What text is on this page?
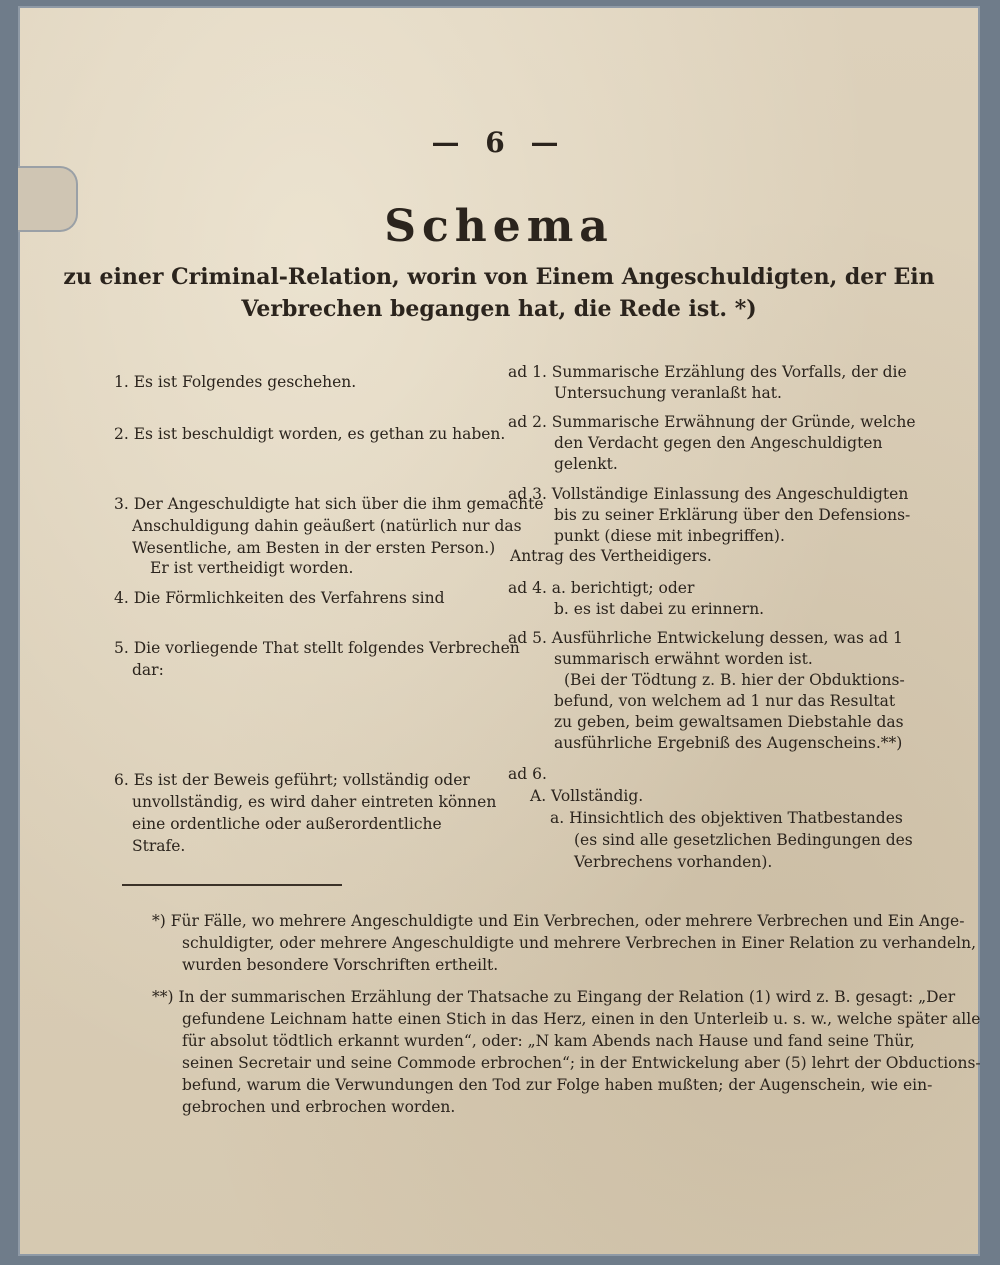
— 6 —
Schema
zu einer Criminal-Relation, worin von Einem Angeschuldigten, der Ein
Verbrechen begangen hat, die Rede ist. *)
1. Es ist Folgendes geschehen.
2. Es ist beschuldigt worden, es gethan zu haben.
3. Der Angeschuldigte hat sich über die ihm gemachte
Anschuldigung dahin geäußert (natürlich nur das
Wesentliche, am Besten in der ersten Person.)
Er ist vertheidigt worden.
4. Die Förmlichkeiten des Verfahrens sind
5. Die vorliegende That stellt folgendes Verbrechen
dar:
6. Es ist der Beweis geführt; vollständig oder
unvollständig, es wird daher eintreten können
eine ordentliche oder außerordentliche
Strafe.
ad 1. Summarische Erzählung des Vorfalls, der die
Untersuchung veranlaßt hat.
ad 2. Summarische Erwähnung der Gründe, welche
den Verdacht gegen den Angeschuldigten
gelenkt.
ad 3. Vollständige Einlassung des Angeschuldigten
bis zu seiner Erklärung über den Defensions-
punkt (diese mit inbegriffen).
Antrag des Vertheidigers.
ad 4. a. berichtigt; oder
b. es ist dabei zu erinnern.
ad 5. Ausführliche Entwickelung dessen, was ad 1
summarisch erwähnt worden ist.
(Bei der Tödtung z. B. hier der Obduktions-
befund, von welchem ad 1 nur das Resultat
zu geben, beim gewaltsamen Diebstahle das
ausführliche Ergebniß des Augenscheins.**)
ad 6.
A. Vollständig.
a. Hinsichtlich des objektiven Thatbestandes
(es sind alle gesetzlichen Bedingungen des
Verbrechens vorhanden).
*) Für Fälle, wo mehrere Angeschuldigte und Ein Verbrechen, oder mehrere Verbrechen und Ein Ange-
schuldigter, oder mehrere Angeschuldigte und mehrere Verbrechen in Einer Relation zu verhandeln,
wurden besondere Vorschriften ertheilt.
**) In der summarischen Erzählung der Thatsache zu Eingang der Relation (1) wird z. B. gesagt: „Der
gefundene Leichnam hatte einen Stich in das Herz, einen in den Unterleib u. s. w., welche später alle
für absolut tödtlich erkannt wurden“, oder: „N kam Abends nach Hause und fand seine Thür,
seinen Secretair und seine Commode erbrochen“; in der Entwickelung aber (5) lehrt der Obductions-
befund, warum die Verwundungen den Tod zur Folge haben mußten; der Augenschein, wie ein-
gebrochen und erbrochen worden.
